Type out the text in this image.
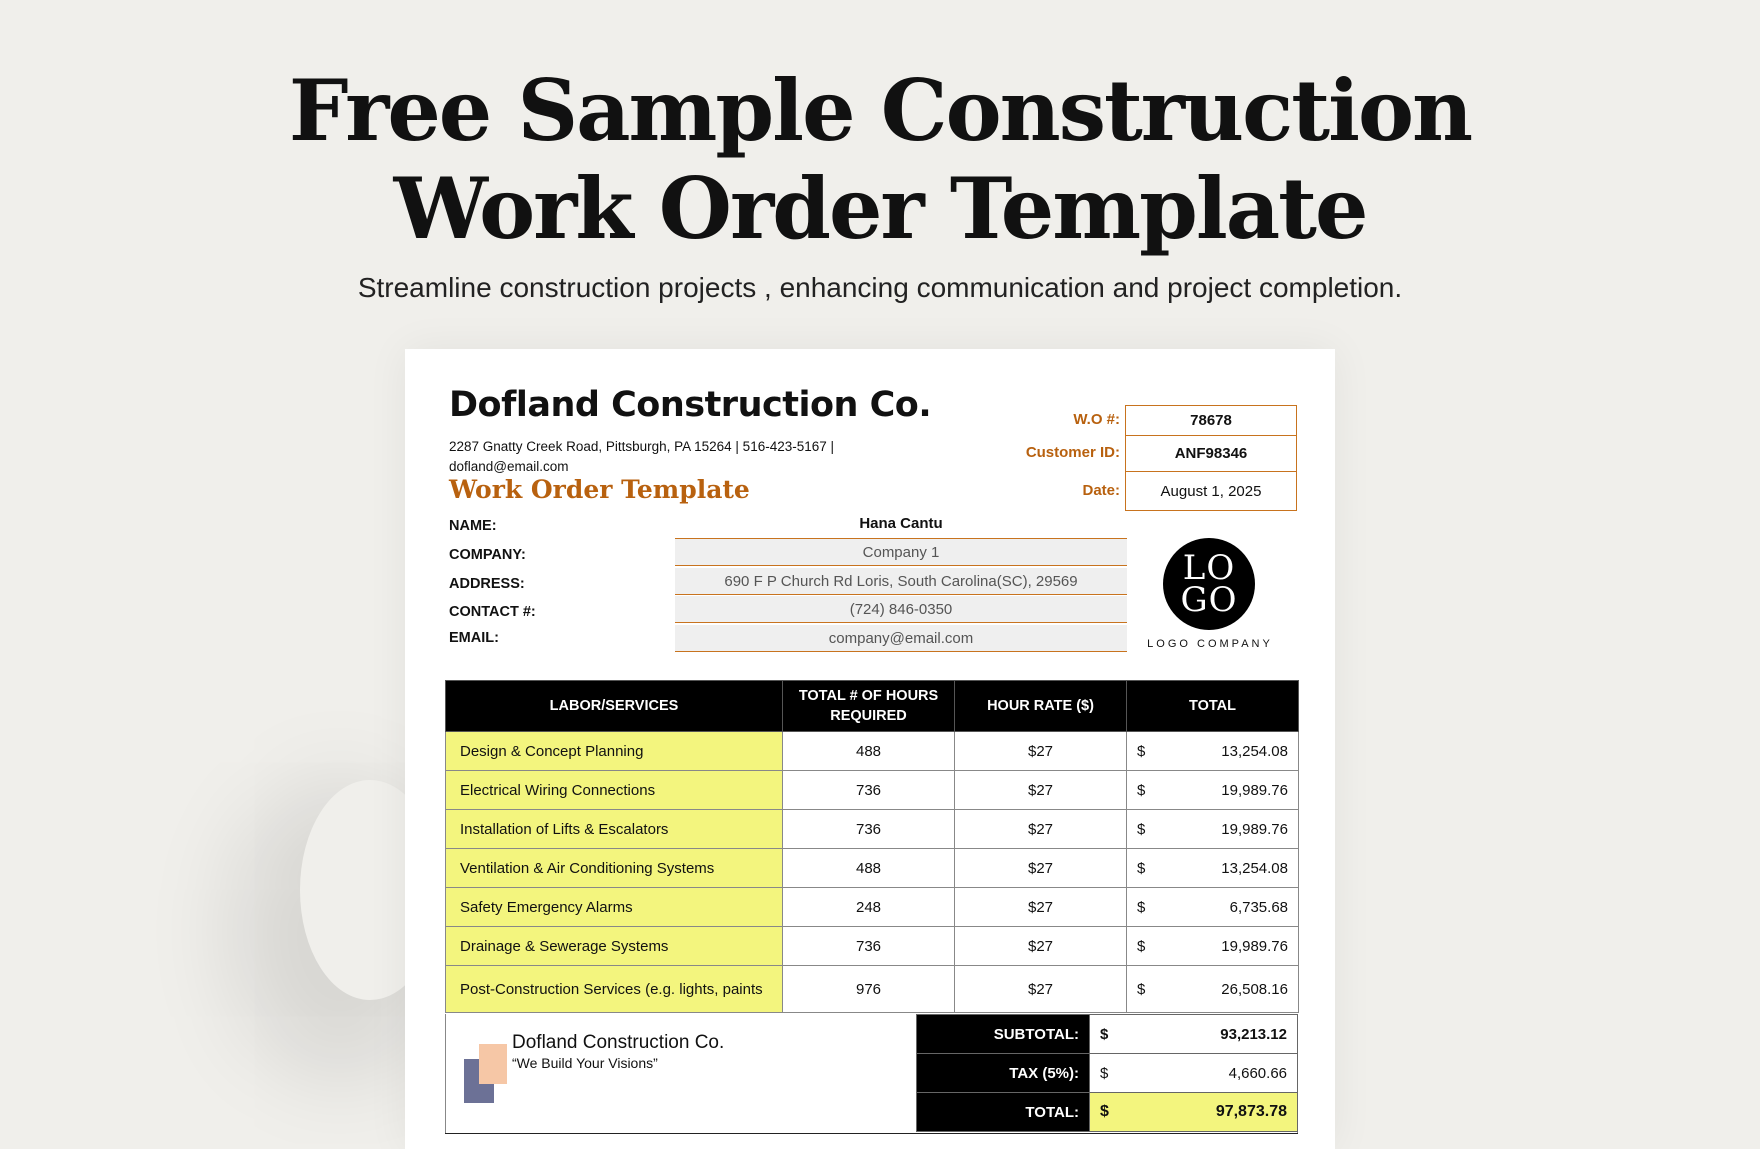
Free Sample Construction
Work Order Template
Streamline construction projects , enhancing communication and project completion.
Dofland Construction Co.
2287 Gnatty Creek Road, Pittsburgh, PA 15264 | 516-423-5167 | dofland@email.com
Work Order Template
W.O #:	78678
Customer ID:	ANF98346
Date:	August 1, 2025
NAME:	Hana Cantu
COMPANY:	Company 1
ADDRESS:	690 F P Church Rd Loris, South Carolina(SC), 29569
CONTACT #:	(724) 846-0350
EMAIL:	company@email.com
LO
GO
LOGO COMPANY
LABOR/SERVICES	TOTAL # OF HOURS REQUIRED	HOUR RATE ($)	TOTAL
Design & Concept Planning	488	$27	$ 13,254.08

Electrical Wiring Connections	736	$27	$ 19,989.76

Installation of Lifts & Escalators	736	$27	$ 19,989.76

Ventilation & Air Conditioning Systems	488	$27	$ 13,254.08

Safety Emergency Alarms	248	$27	$ 6,735.68

Drainage & Sewerage Systems	736	$27	$ 19,989.76

Post-Construction Services (e.g. lights, paints	976	$27	$ 26,508.16
Dofland Construction Co.
“We Build Your Visions”
SUBTOTAL:	$ 93,213.12

TAX (5%):	$ 4,660.66

TOTAL:	$ 97,873.78
